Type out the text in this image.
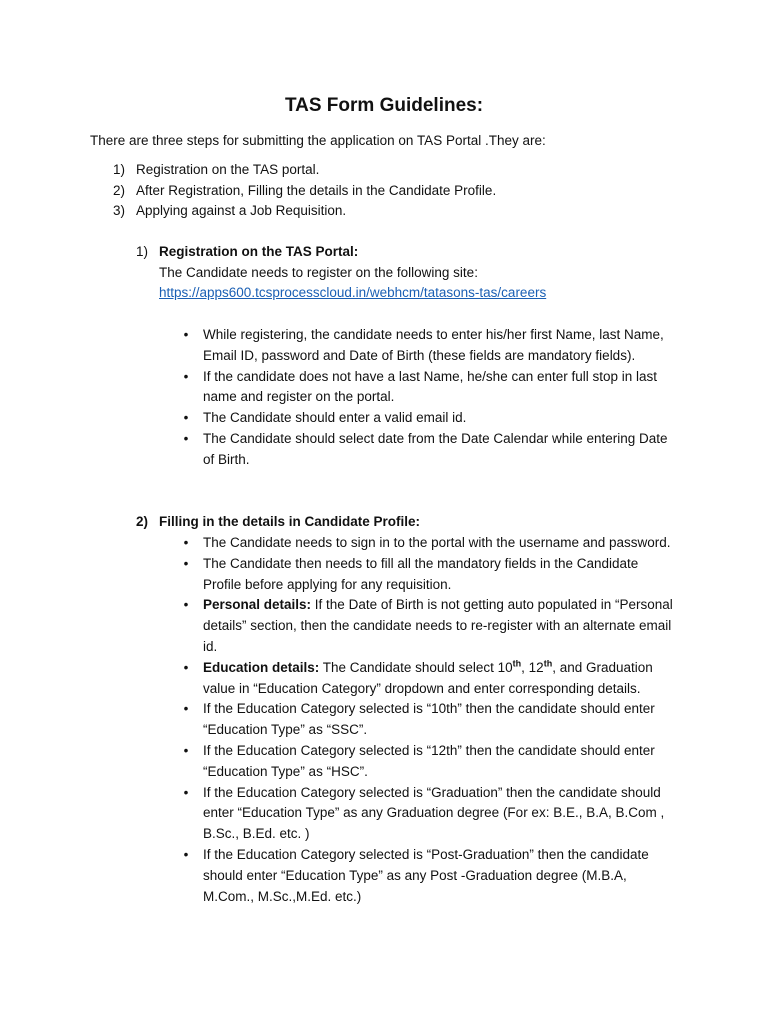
TAS Form Guidelines:

There are three steps for submitting the application on TAS Portal .They are:

1) Registration on the TAS portal.
2) After Registration, Filling the details in the Candidate Profile.
3) Applying against a Job Requisition.
1) Registration on the TAS Portal:
The Candidate needs to register on the following site:
https://apps600.tcsprocesscloud.in/webhcm/tatasons-tas/careers
• While registering, the candidate needs to enter his/her first Name, last Name, Email ID, password and Date of Birth (these fields are mandatory fields).
• If the candidate does not have a last Name, he/she can enter full stop in last name and register on the portal.
• The Candidate should enter a valid email id.
• The Candidate should select date from the Date Calendar while entering Date of Birth.
2) Filling in the details in Candidate Profile:
• The Candidate needs to sign in to the portal with the username and password.
• The Candidate then needs to fill all the mandatory fields in the Candidate Profile before applying for any requisition.
• Personal details: If the Date of Birth is not getting auto populated in “Personal details” section, then the candidate needs to re-register with an alternate email id.
• Education details: The Candidate should select 10th, 12th, and Graduation value in “Education Category” dropdown and enter corresponding details.
• If the Education Category selected is “10th” then the candidate should enter “Education Type” as “SSC”.
• If the Education Category selected is “12th” then the candidate should enter “Education Type” as “HSC”.
• If the Education Category selected is “Graduation” then the candidate should enter “Education Type” as any Graduation degree (For ex: B.E., B.A, B.Com , B.Sc., B.Ed. etc. )
• If the Education Category selected is “Post-Graduation” then the candidate should enter “Education Type” as any Post -Graduation degree (M.B.A, M.Com., M.Sc.,M.Ed. etc.)
